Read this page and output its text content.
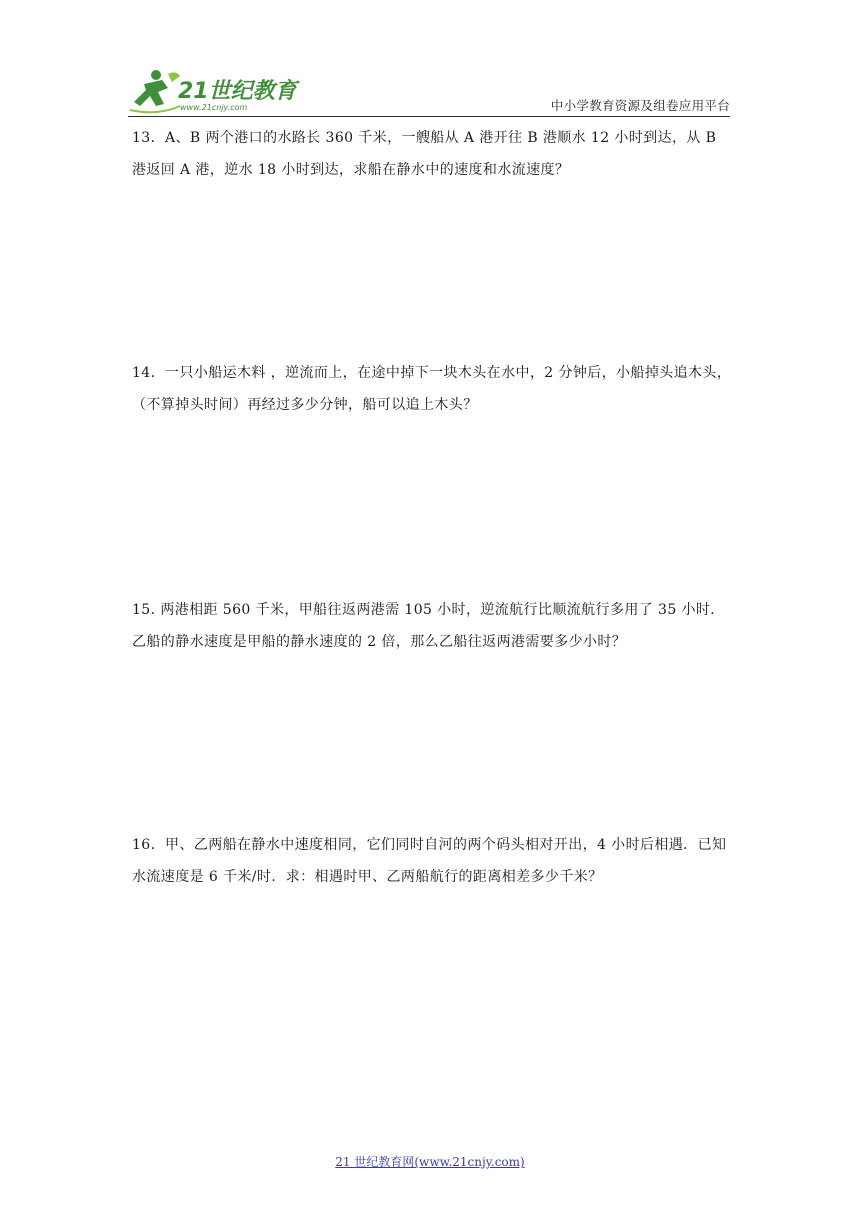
21世纪教育
www.21cnjy.com	中小学教育资源及组卷应用平台
13．A、B 两个港口的水路长 360 千米，一艘船从 A 港开往 B 港顺水 12 小时到达，从 B 港返回 A 港，逆水 18 小时到达，求船在静水中的速度和水流速度？
14．一只小船运木料 ，逆流而上，在途中掉下一块木头在水中，2 分钟后，小船掉头追木头，（不算掉头时间）再经过多少分钟，船可以追上木头？
15. 两港相距 560 千米，甲船往返两港需 105 小时，逆流航行比顺流航行多用了 35 小时．乙船的静水速度是甲船的静水速度的 2 倍，那么乙船往返两港需要多少小时？
16．甲、乙两船在静水中速度相同，它们同时自河的两个码头相对开出，4 小时后相遇．已知水流速度是 6 千米/时．求：相遇时甲、乙两船航行的距离相差多少千米？
21 世纪教育网(www.21cnjy.com)
